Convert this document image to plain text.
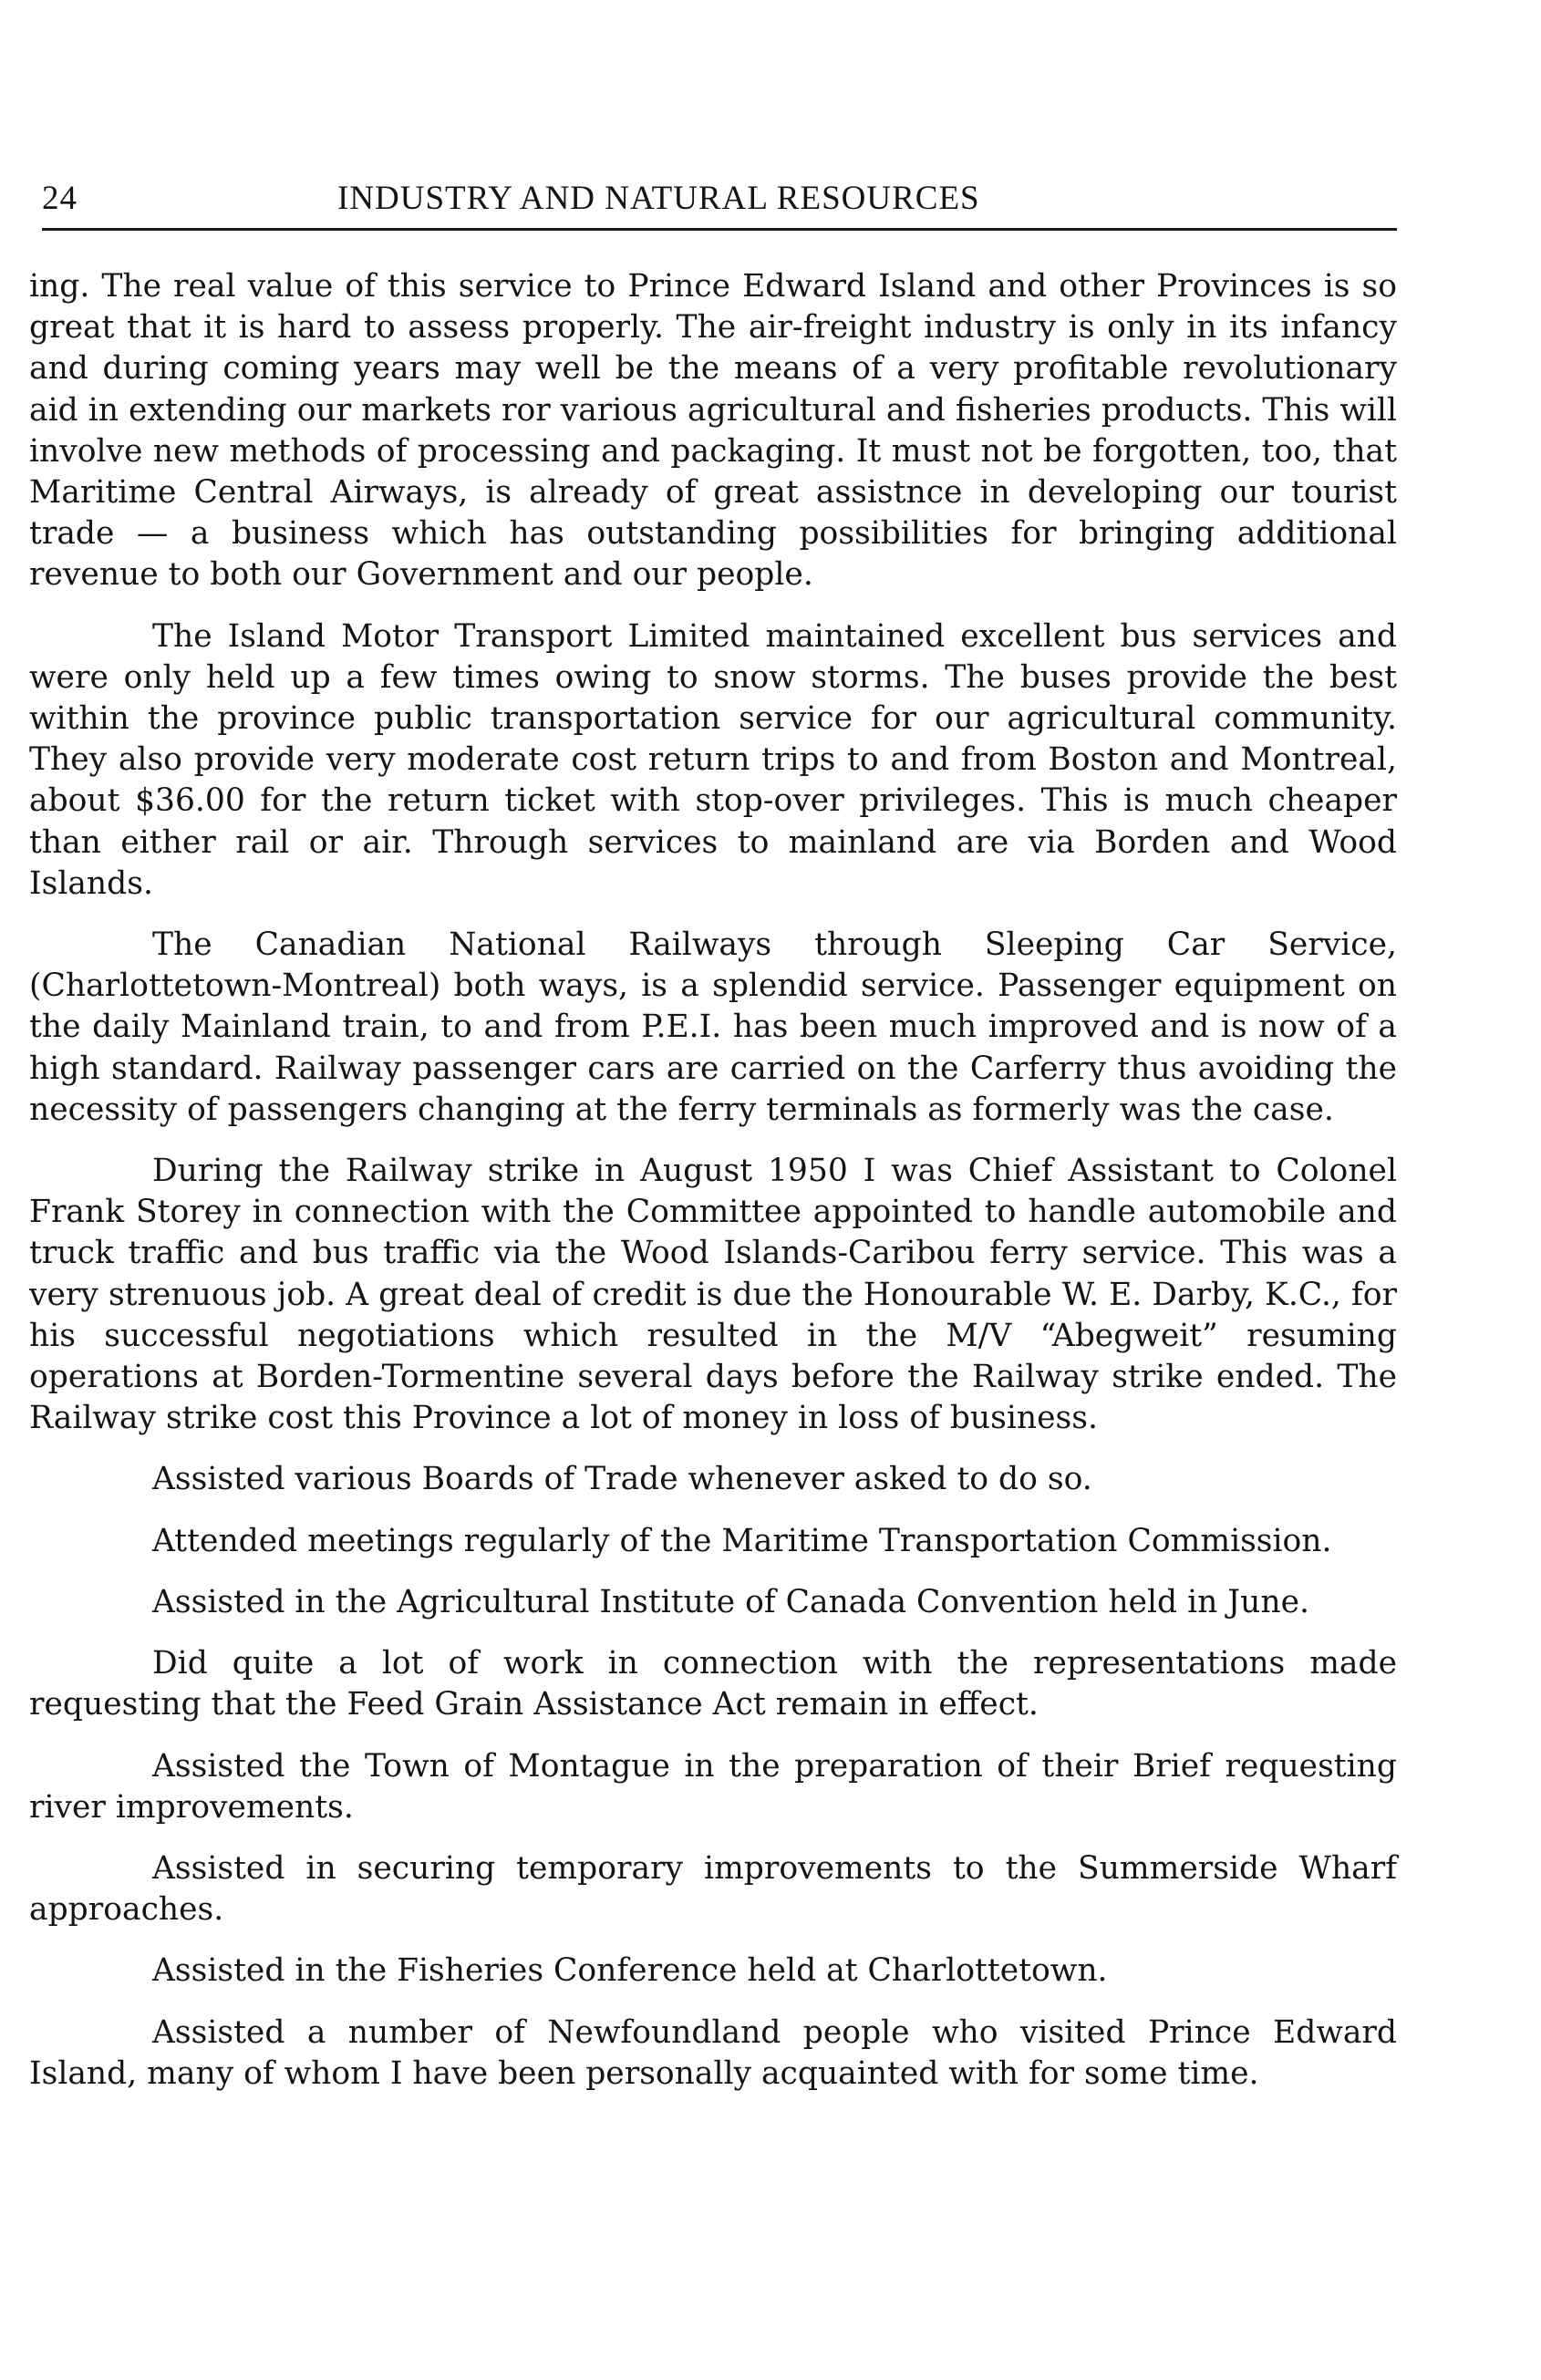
24	INDUSTRY AND NATURAL RESOURCES

ing. The real value of this service to Prince Edward Island and other Provinces is so great that it is hard to assess properly. The air-freight industry is only in its infancy and during coming years may well be the means of a very profitable revolutionary aid in extending our markets ror various agricultural and fisheries products. This will involve new methods of processing and packaging. It must not be forgotten, too, that Maritime Central Airways, is already of great assistnce in developing our tourist trade — a business which has outstanding possibilities for bringing additional revenue to both our Government and our people.

The Island Motor Transport Limited maintained excellent bus services and were only held up a few times owing to snow storms. The buses provide the best within the province public transportation service for our agricultural community. They also provide very moderate cost return trips to and from Boston and Montreal, about $36.00 for the return ticket with stop-over privileges. This is much cheaper than either rail or air. Through services to mainland are via Borden and Wood Islands.

The Canadian National Railways through Sleeping Car Service, (Charlottetown-Montreal) both ways, is a splendid service. Passenger equipment on the daily Mainland train, to and from P.E.I. has been much improved and is now of a high standard. Railway passenger cars are carried on the Carferry thus avoiding the necessity of passengers changing at the ferry terminals as formerly was the case.

During the Railway strike in August 1950 I was Chief Assistant to Colonel Frank Storey in connection with the Committee appointed to handle automobile and truck traffic and bus traffic via the Wood Islands-Caribou ferry service. This was a very strenuous job. A great deal of credit is due the Honourable W. E. Darby, K.C., for his successful negotiations which resulted in the M/V “Abegweit” resuming operations at Borden-Tormentine several days before the Railway strike ended. The Railway strike cost this Province a lot of money in loss of business.

Assisted various Boards of Trade whenever asked to do so.

Attended meetings regularly of the Maritime Transportation Commission.

Assisted in the Agricultural Institute of Canada Convention held in June.

Did quite a lot of work in connection with the representations made requesting that the Feed Grain Assistance Act remain in effect.

Assisted the Town of Montague in the preparation of their Brief requesting river improvements.

Assisted in securing temporary improvements to the Summerside Wharf approaches.

Assisted in the Fisheries Conference held at Charlottetown.

Assisted a number of Newfoundland people who visited Prince Edward Island, many of whom I have been personally acquainted with for some time.
